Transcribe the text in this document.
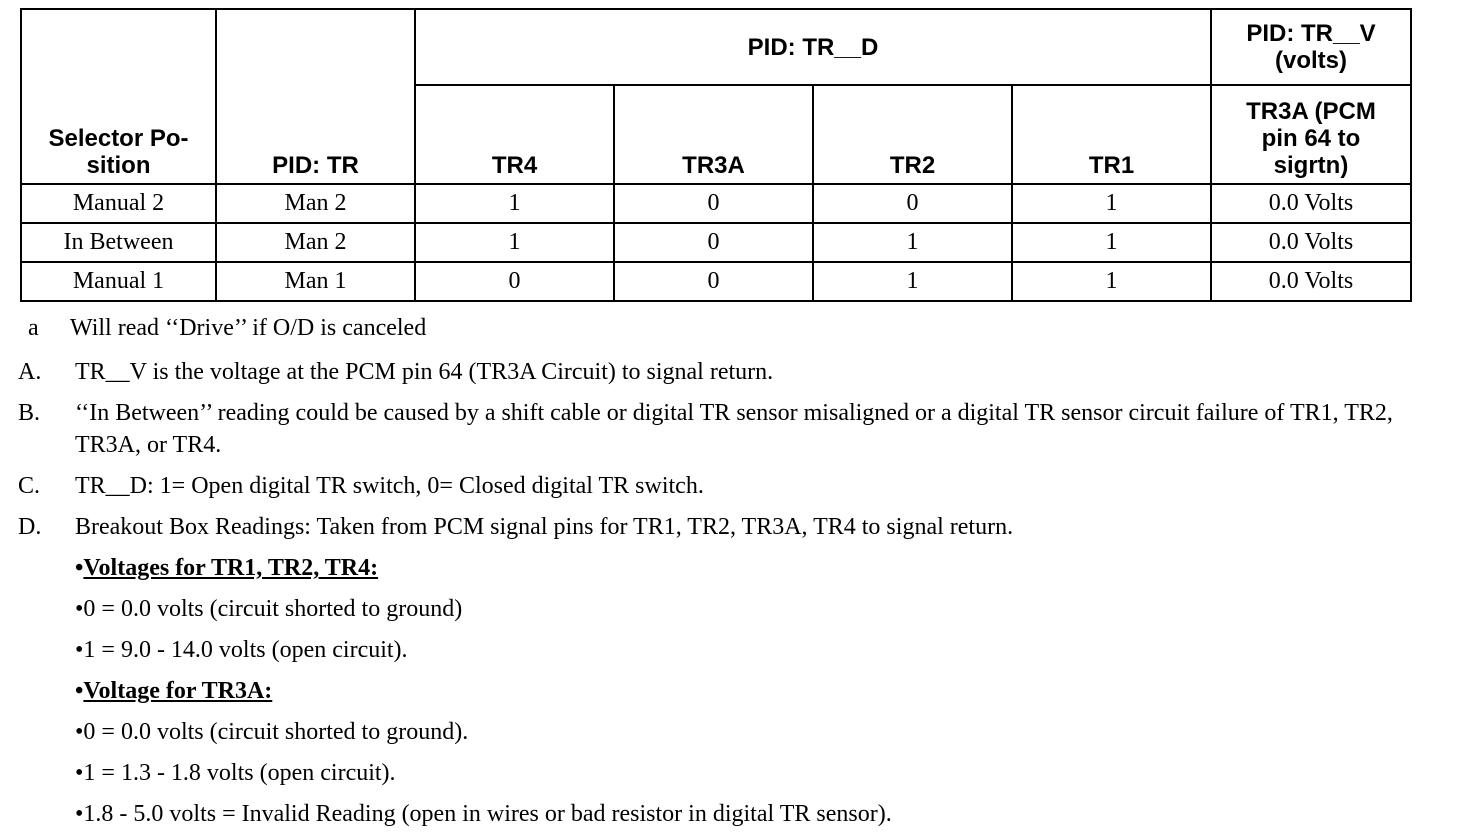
Selector Po-sition	PID: TR	PID: TR__D				PID: TR__V (volts)
		TR4	TR3A	TR2	TR1	TR3A (PCM pin 64 to sigrtn)
Manual 2	Man 2	1	0	0	1	0.0 Volts
In Between	Man 2	1	0	1	1	0.0 Volts
Manual 1	Man 1	0	0	1	1	0.0 Volts
a Will read ‘‘Drive’’ if O/D is canceled
A.	TR__V is the voltage at the PCM pin 64 (TR3A Circuit) to signal return.
B.	‘‘In Between’’ reading could be caused by a shift cable or digital TR sensor misaligned or a digital TR sensor circuit failure of TR1, TR2, TR3A, or TR4.
C.	TR__D: 1= Open digital TR switch, 0= Closed digital TR switch.
D.	Breakout Box Readings: Taken from PCM signal pins for TR1, TR2, TR3A, TR4 to signal return.
•Voltages for TR1, TR2, TR4:
•0 = 0.0 volts (circuit shorted to ground)
•1 = 9.0 - 14.0 volts (open circuit).
•Voltage for TR3A:
•0 = 0.0 volts (circuit shorted to ground).
•1 = 1.3 - 1.8 volts (open circuit).
•1.8 - 5.0 volts = Invalid Reading (open in wires or bad resistor in digital TR sensor).
